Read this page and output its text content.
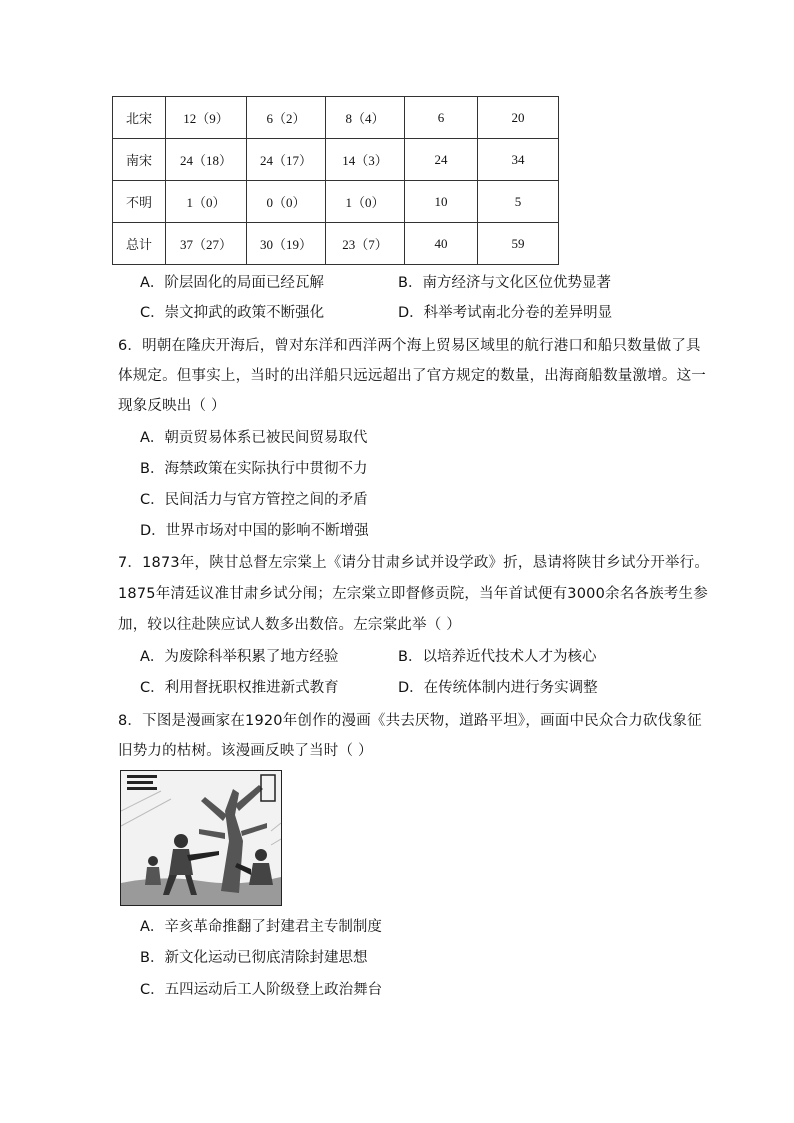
北宋	12（9）	6（2）	8（4）	6	20
南宋	24（18）	24（17）	14（3）	24	34
不明	1（0）	0（0）	1（0）	10	5
总计	37（27）	30（19）	23（7）	40	59
A．阶层固化的局面已经瓦解	B．南方经济与文化区位优势显著
C．崇文抑武的政策不断强化	D．科举考试南北分卷的差异明显
6．明朝在隆庆开海后，曾对东洋和西洋两个海上贸易区域里的航行港口和船只数量做了具
体规定。但事实上，当时的出洋船只远远超出了官方规定的数量，出海商船数量激增。这一
现象反映出（ ）
A．朝贡贸易体系已被民间贸易取代
B．海禁政策在实际执行中贯彻不力
C．民间活力与官方管控之间的矛盾
D．世界市场对中国的影响不断增强
7．1873年，陕甘总督左宗棠上《请分甘肃乡试并设学政》折，恳请将陕甘乡试分开举行。
1875年清廷议准甘肃乡试分闱；左宗棠立即督修贡院，当年首试便有3000余名各族考生参
加，较以往赴陕应试人数多出数倍。左宗棠此举（ ）
A．为废除科举积累了地方经验	B．以培养近代技术人才为核心
C．利用督抚职权推进新式教育	D．在传统体制内进行务实调整
8．下图是漫画家在1920年创作的漫画《共去厌物，道路平坦》，画面中民众合力砍伐象征
旧势力的枯树。该漫画反映了当时（ ）
A．辛亥革命推翻了封建君主专制制度
B．新文化运动已彻底清除封建思想
C．五四运动后工人阶级登上政治舞台
